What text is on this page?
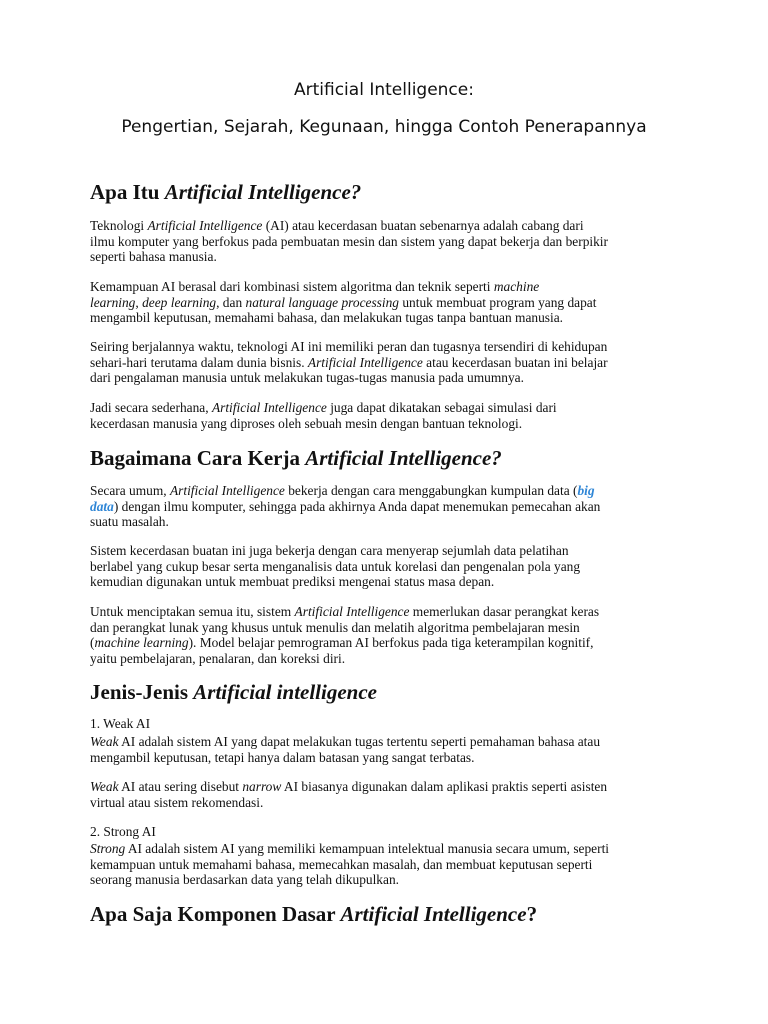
Artificial Intelligence:
Pengertian, Sejarah, Kegunaan, hingga Contoh Penerapannya
Apa Itu Artificial Intelligence?
Teknologi Artificial Intelligence (AI) atau kecerdasan buatan sebenarnya adalah cabang dari
ilmu komputer yang berfokus pada pembuatan mesin dan sistem yang dapat bekerja dan berpikir
seperti bahasa manusia.
Kemampuan AI berasal dari kombinasi sistem algoritma dan teknik seperti machine
learning, deep learning, dan natural language processing untuk membuat program yang dapat
mengambil keputusan, memahami bahasa, dan melakukan tugas tanpa bantuan manusia.
Seiring berjalannya waktu, teknologi AI ini memiliki peran dan tugasnya tersendiri di kehidupan
sehari-hari terutama dalam dunia bisnis. Artificial Intelligence atau kecerdasan buatan ini belajar
dari pengalaman manusia untuk melakukan tugas-tugas manusia pada umumnya.
Jadi secara sederhana, Artificial Intelligence juga dapat dikatakan sebagai simulasi dari
kecerdasan manusia yang diproses oleh sebuah mesin dengan bantuan teknologi.
Bagaimana Cara Kerja Artificial Intelligence?
Secara umum, Artificial Intelligence bekerja dengan cara menggabungkan kumpulan data (big
data) dengan ilmu komputer, sehingga pada akhirnya Anda dapat menemukan pemecahan akan
suatu masalah.
Sistem kecerdasan buatan ini juga bekerja dengan cara menyerap sejumlah data pelatihan
berlabel yang cukup besar serta menganalisis data untuk korelasi dan pengenalan pola yang
kemudian digunakan untuk membuat prediksi mengenai status masa depan.
Untuk menciptakan semua itu, sistem Artificial Intelligence memerlukan dasar perangkat keras
dan perangkat lunak yang khusus untuk menulis dan melatih algoritma pembelajaran mesin
(machine learning). Model belajar pemrograman AI berfokus pada tiga keterampilan kognitif,
yaitu pembelajaran, penalaran, dan koreksi diri.
Jenis-Jenis Artificial intelligence
1. Weak AI
Weak AI adalah sistem AI yang dapat melakukan tugas tertentu seperti pemahaman bahasa atau
mengambil keputusan, tetapi hanya dalam batasan yang sangat terbatas.
Weak AI atau sering disebut narrow AI biasanya digunakan dalam aplikasi praktis seperti asisten
virtual atau sistem rekomendasi.
2. Strong AI
Strong AI adalah sistem AI yang memiliki kemampuan intelektual manusia secara umum, seperti
kemampuan untuk memahami bahasa, memecahkan masalah, dan membuat keputusan seperti
seorang manusia berdasarkan data yang telah dikupulkan.
Apa Saja Komponen Dasar Artificial Intelligence?
